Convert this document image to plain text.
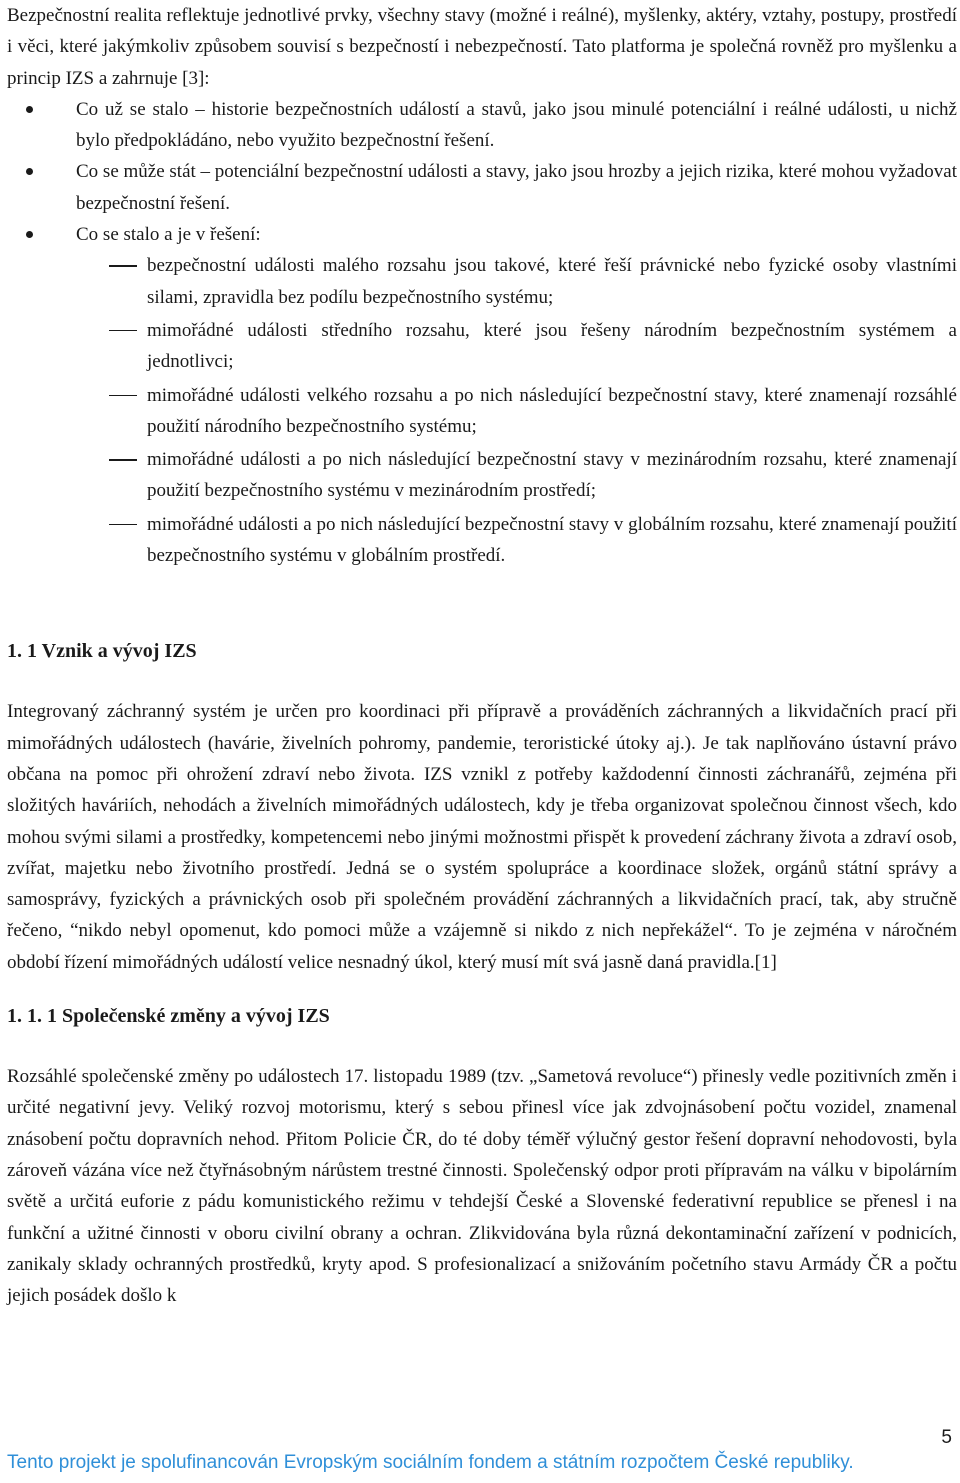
Bezpečnostní realita reflektuje jednotlivé prvky, všechny stavy (možné i reálné), myšlenky, aktéry, vztahy, postupy, prostředí i věci, které jakýmkoliv způsobem souvisí s bezpečností i nebezpečností. Tato platforma je společná rovněž pro myšlenku a princip IZS a zahrnuje [3]:

Co už se stalo – historie bezpečnostních událostí a stavů, jako jsou minulé potenciální i reálné události, u nichž bylo předpokládáno, nebo využito bezpečnostní řešení.
Co se může stát – potenciální bezpečnostní události a stavy, jako jsou hrozby a jejich rizika, které mohou vyžadovat bezpečnostní řešení.
Co se stalo a je v řešení:
bezpečnostní události malého rozsahu jsou takové, které řeší právnické nebo fyzické osoby vlastními silami, zpravidla bez podílu bezpečnostního systému;
mimořádné události středního rozsahu, které jsou řešeny národním bezpečnostním systémem a jednotlivci;
mimořádné události velkého rozsahu a po nich následující bezpečnostní stavy, které znamenají rozsáhlé použití národního bezpečnostního systému;
mimořádné události a po nich následující bezpečnostní stavy v mezinárodním rozsahu, které znamenají použití bezpečnostního systému v mezinárodním prostředí;
mimořádné události a po nich následující bezpečnostní stavy v globálním rozsahu, které znamenají použití bezpečnostního systému v globálním prostředí.
1. 1 Vznik a vývoj IZS

Integrovaný záchranný systém je určen pro koordinaci při přípravě a prováděních záchranných a likvidačních prací při mimořádných událostech (havárie, živelních pohromy, pandemie, teroristické útoky aj.). Je tak naplňováno ústavní právo občana na pomoc při ohrožení zdraví nebo života. IZS vznikl z potřeby každodenní činnosti záchranářů, zejména při složitých haváriích, nehodách a živelních mimořádných událostech, kdy je třeba organizovat společnou činnost všech, kdo mohou svými silami a prostředky, kompetencemi nebo jinými možnostmi přispět k provedení záchrany života a zdraví osob, zvířat, majetku nebo životního prostředí. Jedná se o systém spolupráce a koordinace složek, orgánů státní správy a samosprávy, fyzických a právnických osob při společném provádění záchranných a likvidačních prací, tak, aby stručně řečeno, “nikdo nebyl opomenut, kdo pomoci může a vzájemně si nikdo z nich nepřekážel“. To je zejména v náročném období řízení mimořádných událostí velice nesnadný úkol, který musí mít svá jasně daná pravidla.[1]

1. 1. 1 Společenské změny a vývoj IZS

Rozsáhlé společenské změny po událostech 17. listopadu 1989 (tzv. „Sametová revoluce“) přinesly vedle pozitivních změn i určité negativní jevy. Veliký rozvoj motorismu, který s sebou přinesl více jak zdvojnásobení počtu vozidel, znamenal znásobení počtu dopravních nehod. Přitom Policie ČR, do té doby téměř výlučný gestor řešení dopravní nehodovosti, byla zároveň vázána více než čtyřnásobným nárůstem trestné činnosti. Společenský odpor proti přípravám na válku v bipolárním světě a určitá euforie z pádu komunistického režimu v tehdejší České a Slovenské federativní republice se přenesl i na funkční a užitné činnosti v oboru civilní obrany a ochran. Zlikvidována byla různá dekontaminační zařízení v podnicích, zanikaly sklady ochranných prostředků, kryty apod. S profesionalizací a snižováním početního stavu Armády ČR a počtu jejich posádek došlo k

5
Tento projekt je spolufinancován Evropským sociálním fondem a státním rozpočtem České republiky.
